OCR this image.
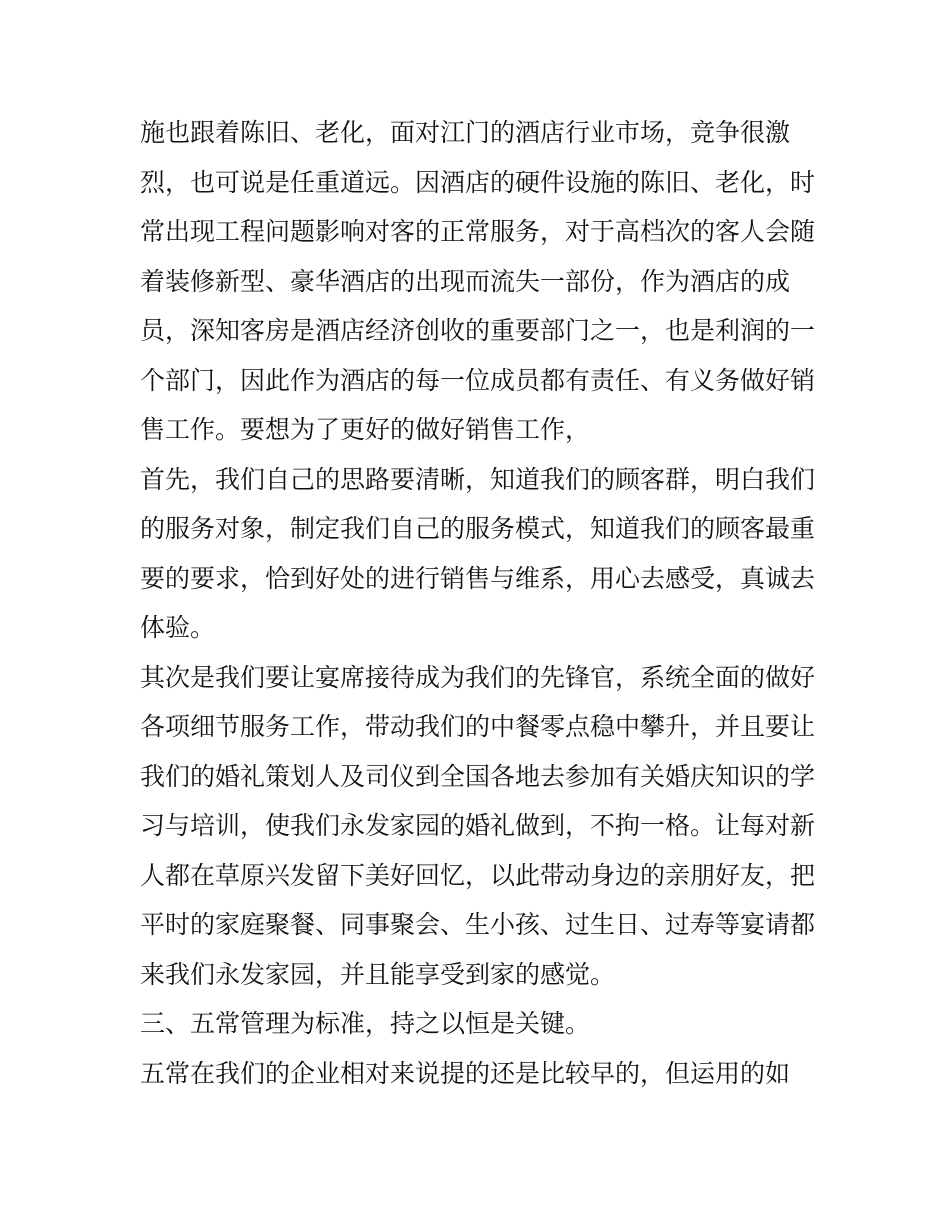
施也跟着陈旧、老化，面对江门的酒店行业市场，竞争很激
烈，也可说是任重道远。因酒店的硬件设施的陈旧、老化，时
常出现工程问题影响对客的正常服务，对于高档次的客人会随
着装修新型、豪华酒店的出现而流失一部份，作为酒店的成
员，深知客房是酒店经济创收的重要部门之一，也是利润的一
个部门，因此作为酒店的每一位成员都有责任、有义务做好销
售工作。要想为了更好的做好销售工作，
首先，我们自己的思路要清晰，知道我们的顾客群，明白我们
的服务对象，制定我们自己的服务模式，知道我们的顾客最重
要的要求，恰到好处的进行销售与维系，用心去感受，真诚去
体验。
其次是我们要让宴席接待成为我们的先锋官，系统全面的做好
各项细节服务工作，带动我们的中餐零点稳中攀升，并且要让
我们的婚礼策划人及司仪到全国各地去参加有关婚庆知识的学
习与培训，使我们永发家园的婚礼做到，不拘一格。让每对新
人都在草原兴发留下美好回忆，以此带动身边的亲朋好友，把
平时的家庭聚餐、同事聚会、生小孩、过生日、过寿等宴请都
来我们永发家园，并且能享受到家的感觉。
三、五常管理为标准，持之以恒是关键。
五常在我们的企业相对来说提的还是比较早的，但运用的如
